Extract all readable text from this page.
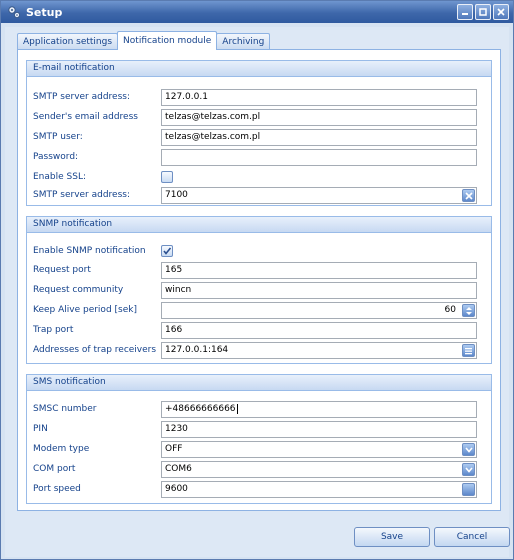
Setup
Application settings	Notification module	Archiving
E-mail notification
SMTP server address:	127.0.0.1
Sender's email address	telzas@telzas.com.pl
SMTP user:	telzas@telzas.com.pl
Password:
Enable SSL:
SMTP server address:	7100
SNMP notification
Enable SNMP notification
Request port	165
Request community	wincn
Keep Alive period [sek]	60
Trap port	166
Addresses of trap receivers 127.0.0.1:164
SMS notification
SMSC number	+48666666666
PIN	1230
Modem type	OFF
COM port	COM6
Port speed	9600
Save	Cancel
